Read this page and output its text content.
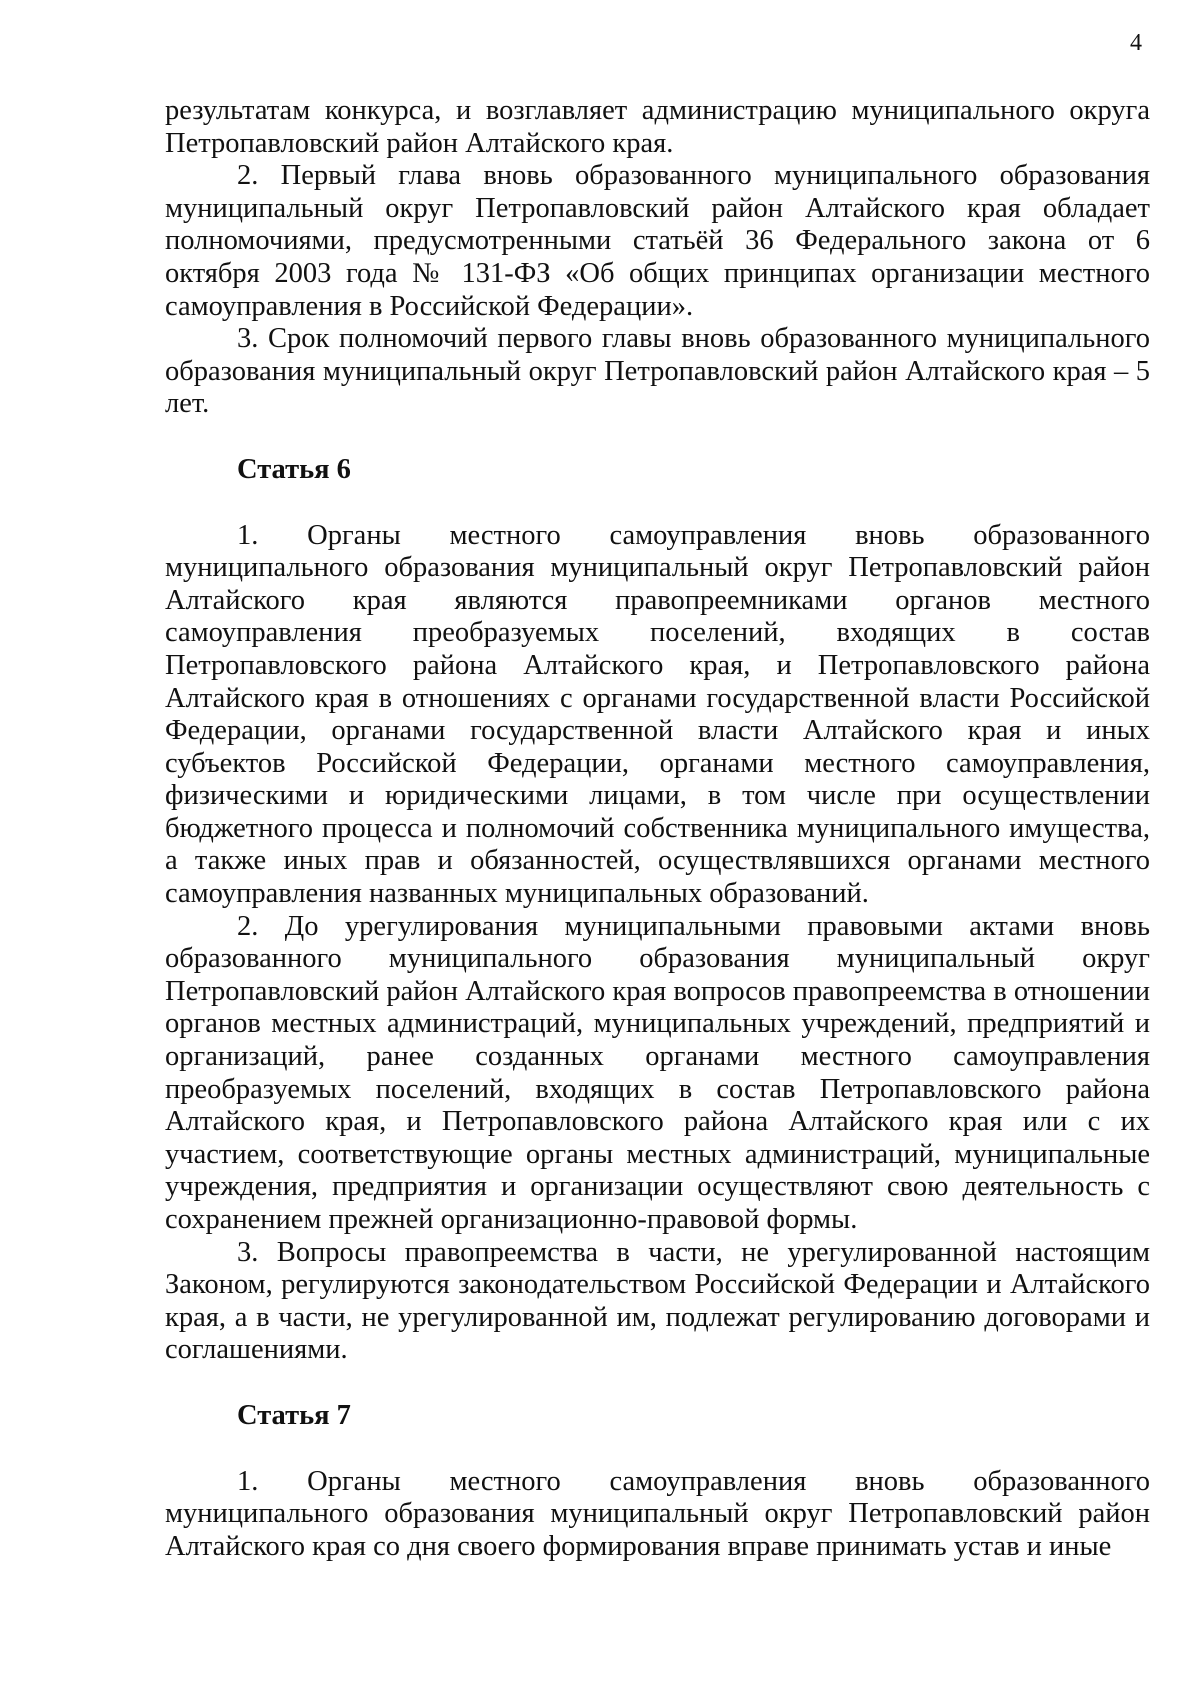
4

результатам конкурса, и возглавляет администрацию муниципального округа Петропавловский район Алтайского края.

2. Первый глава вновь образованного муниципального образования муниципальный округ Петропавловский район Алтайского края обладает полномочиями, предусмотренными статьёй 36 Федерального закона от 6 октября 2003 года № 131-ФЗ «Об общих принципах организации местного самоуправления в Российской Федерации».

3. Срок полномочий первого главы вновь образованного муниципального образования муниципальный округ Петропавловский район Алтайского края – 5 лет.

Статья 6

1. Органы местного самоуправления вновь образованного муниципального образования муниципальный округ Петропавловский район Алтайского края являются правопреемниками органов местного самоуправления преобразуемых поселений, входящих в состав Петропавловского района Алтайского края, и Петропавловского района Алтайского края в отношениях с органами государственной власти Российской Федерации, органами государственной власти Алтайского края и иных субъектов Российской Федерации, органами местного самоуправления, физическими и юридическими лицами, в том числе при осуществлении бюджетного процесса и полномочий собственника муниципального имущества, а также иных прав и обязанностей, осуществлявшихся органами местного самоуправления названных муниципальных образований.

2. До урегулирования муниципальными правовыми актами вновь образованного муниципального образования муниципальный округ Петропавловский район Алтайского края вопросов правопреемства в отношении органов местных администраций, муниципальных учреждений, предприятий и организаций, ранее созданных органами местного самоуправления преобразуемых поселений, входящих в состав Петропавловского района Алтайского края, и Петропавловского района Алтайского края или с их участием, соответствующие органы местных администраций, муниципальные учреждения, предприятия и организации осуществляют свою деятельность с сохранением прежней организационно-правовой формы.

3. Вопросы правопреемства в части, не урегулированной настоящим Законом, регулируются законодательством Российской Федерации и Алтайского края, а в части, не урегулированной им, подлежат регулированию договорами и соглашениями.

Статья 7

1. Органы местного самоуправления вновь образованного муниципального образования муниципальный округ Петропавловский район Алтайского края со дня своего формирования вправе принимать устав и иные
